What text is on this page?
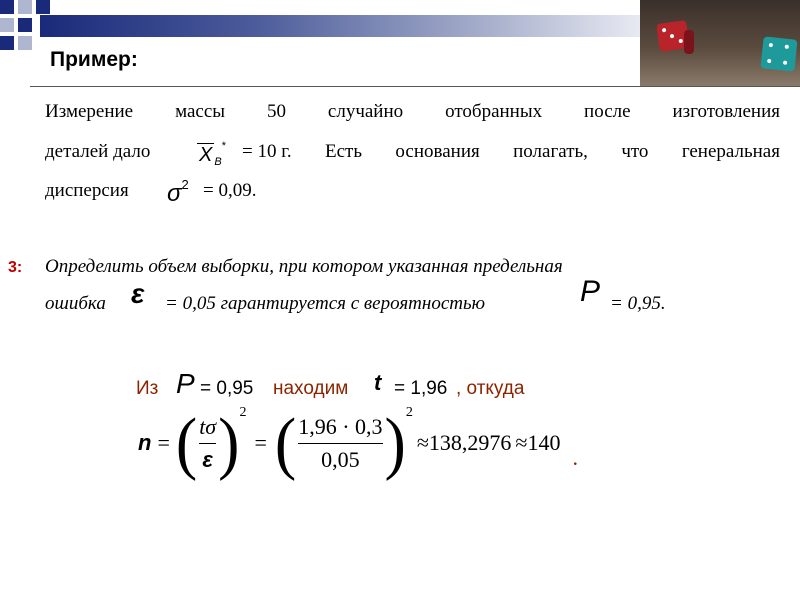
Пример:
Измерение массы 50 случайно отобранных после изготовления
деталей дало X $_B$* = 10 г. Есть основания полагать, что генеральная
дисперсия $\sigma^2 = 0,09$.
3: Определить объем выборки, при котором указанная предельная
ошибка ε = 0,05 гарантируется с вероятностью	P = 0,95.
Из P = 0,95 находим t = 1,96 , откуда
n = ( $\frac{t\sigma}{\varepsilon}$ ) 2
= ( $\frac{1,96 \cdot 0,3}{0,05}$ ) 2
≈138,2976 ≈140
.
